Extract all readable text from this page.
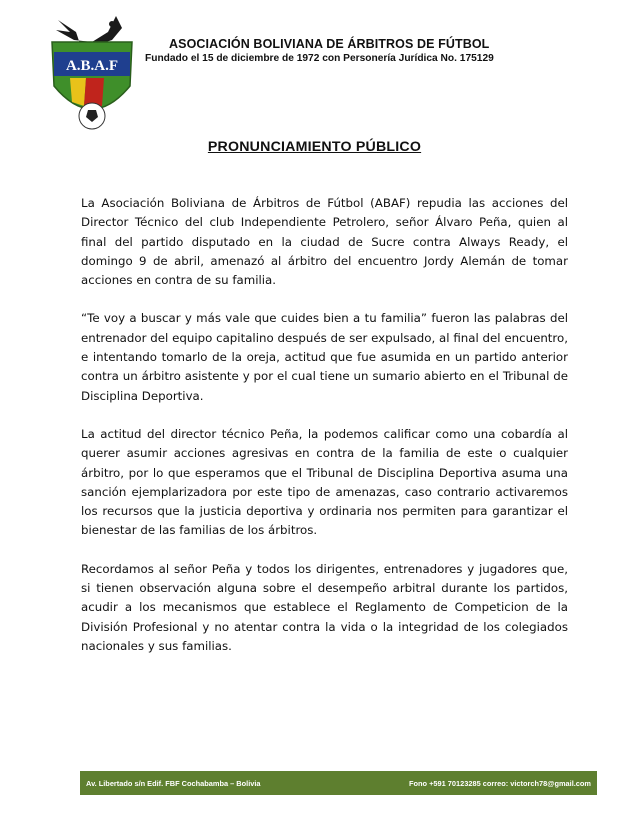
A.B.A.F
ASOCIACIÓN BOLIVIANA DE ÁRBITROS DE FÚTBOL
Fundado el 15 de diciembre de 1972 con Personería Jurídica No. 175129
PRONUNCIAMIENTO PÚBLICO

La Asociación Boliviana de Árbitros de Fútbol (ABAF) repudia las acciones del Director Técnico del club Independiente Petrolero, señor Álvaro Peña, quien al final del partido disputado en la ciudad de Sucre contra Always Ready, el domingo 9 de abril, amenazó al árbitro del encuentro Jordy Alemán de tomar acciones en contra de su familia.

“Te voy a buscar y más vale que cuides bien a tu familia” fueron las palabras del entrenador del equipo capitalino después de ser expulsado, al final del encuentro, e intentando tomarlo de la oreja, actitud que fue asumida en un partido anterior contra un árbitro asistente y por el cual tiene un sumario abierto en el Tribunal de Disciplina Deportiva.

La actitud del director técnico Peña, la podemos calificar como una cobardía al querer asumir acciones agresivas en contra de la familia de este o cualquier árbitro, por lo que esperamos que el Tribunal de Disciplina Deportiva asuma una sanción ejemplarizadora por este tipo de amenazas, caso contrario activaremos los recursos que la justicia deportiva y ordinaria nos permiten para garantizar el bienestar de las familias de los árbitros.

Recordamos al señor Peña y todos los dirigentes, entrenadores y jugadores que, si tienen observación alguna sobre el desempeño arbitral durante los partidos, acudir a los mecanismos que establece el Reglamento de Competicion de la División Profesional y no atentar contra la vida o la integridad de los colegiados nacionales y sus familias.

Av. Libertado s/n Edif. FBF Cochabamba – Bolivia	Fono +591 70123285 correo: victorch78@gmail.com
